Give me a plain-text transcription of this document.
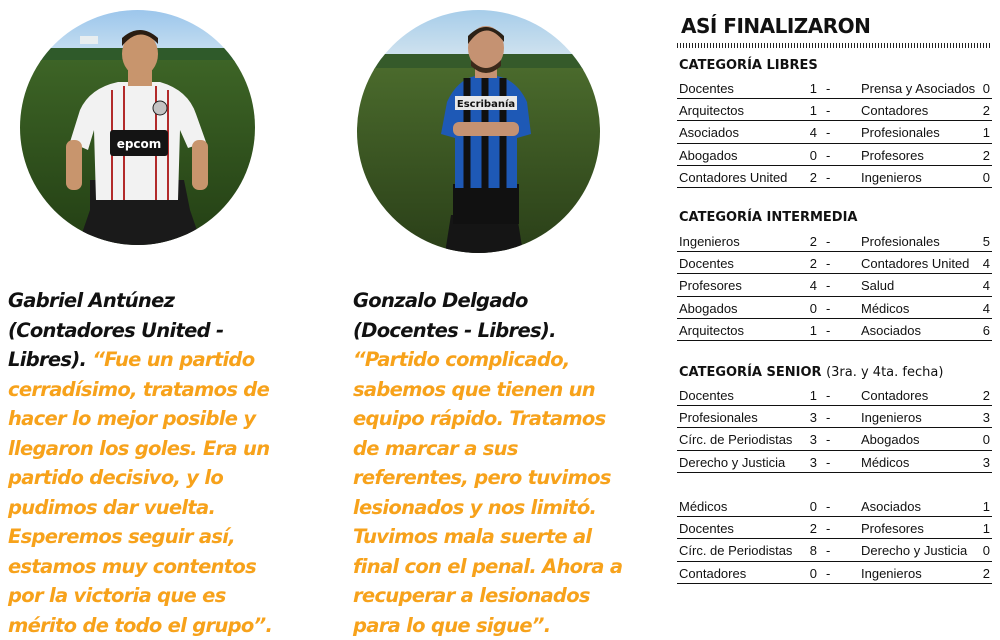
epcom
Escribanía
Gabriel Antúnez (Contadores United - Libres). “Fue un partido cerradísimo, tratamos de hacer lo mejor posible y llegaron los goles. Era un partido decisivo, y lo pudimos dar vuelta. Esperemos seguir así, estamos muy contentos por la victoria que es mérito de todo el grupo”.
Gonzalo Delgado (Docentes - Libres). “Partido complicado, sabemos que tienen un equipo rápido. Tratamos de marcar a sus referentes, pero tuvimos lesionados y nos limitó. Tuvimos mala suerte al final con el penal. Ahora a recuperar a lesionados para lo que sigue”.
ASÍ FINALIZARON
CATEGORÍA LIBRES
Docentes	1 - Prensa y Asociados 0
Arquitectos	1 - Contadores	2
Asociados	4 - Profesionales	1
Abogados	0 - Profesores	2
Contadores United	2 - Ingenieros	0
CATEGORÍA INTERMEDIA
Ingenieros	2 - Profesionales	5
Docentes	2 - Contadores United 4
Profesores	4 - Salud	4
Abogados	0 - Médicos	4
Arquitectos	1 - Asociados	6
CATEGORÍA SENIOR (3ra. y 4ta. fecha)
Docentes	1 - Contadores	2
Profesionales	3 - Ingenieros	3
Círc. de Periodistas	3 - Abogados	0
Derecho y Justicia	3 - Médicos	3
Médicos	0 - Asociados	1
Docentes	2 - Profesores	1
Círc. de Periodistas	8 - Derecho y Justicia 0
Contadores	0 - Ingenieros	2
